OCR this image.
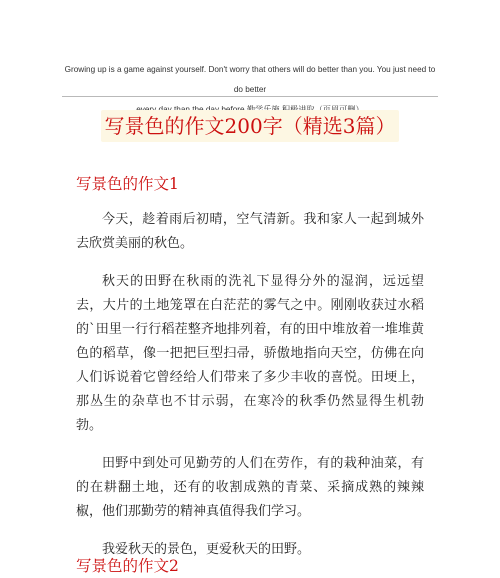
Growing up is a game against yourself. Don't worry that others will do better than you. You just need to do better
写景色的作文200字（精选3篇）
写景色的作文1

今天，趁着雨后初晴，空气清新。我和家人一起到城外去欣赏美丽的秋色。

秋天的田野在秋雨的洗礼下显得分外的湿润，远远望去，大片的土地笼罩在白茫茫的雾气之中。刚刚收获过水稻的`田里一行行稻茬整齐地排列着，有的田中堆放着一堆堆黄色的稻草，像一把把巨型扫帚，骄傲地指向天空，仿佛在向人们诉说着它曾经给人们带来了多少丰收的喜悦。田埂上，那丛生的杂草也不甘示弱，在寒冷的秋季仍然显得生机勃勃。

田野中到处可见勤劳的人们在劳作，有的栽种油菜，有的在耕翻土地，还有的收割成熟的青菜、采摘成熟的辣辣椒，他们那勤劳的精神真值得我们学习。

我爱秋天的景色，更爱秋天的田野。

写景色的作文2
